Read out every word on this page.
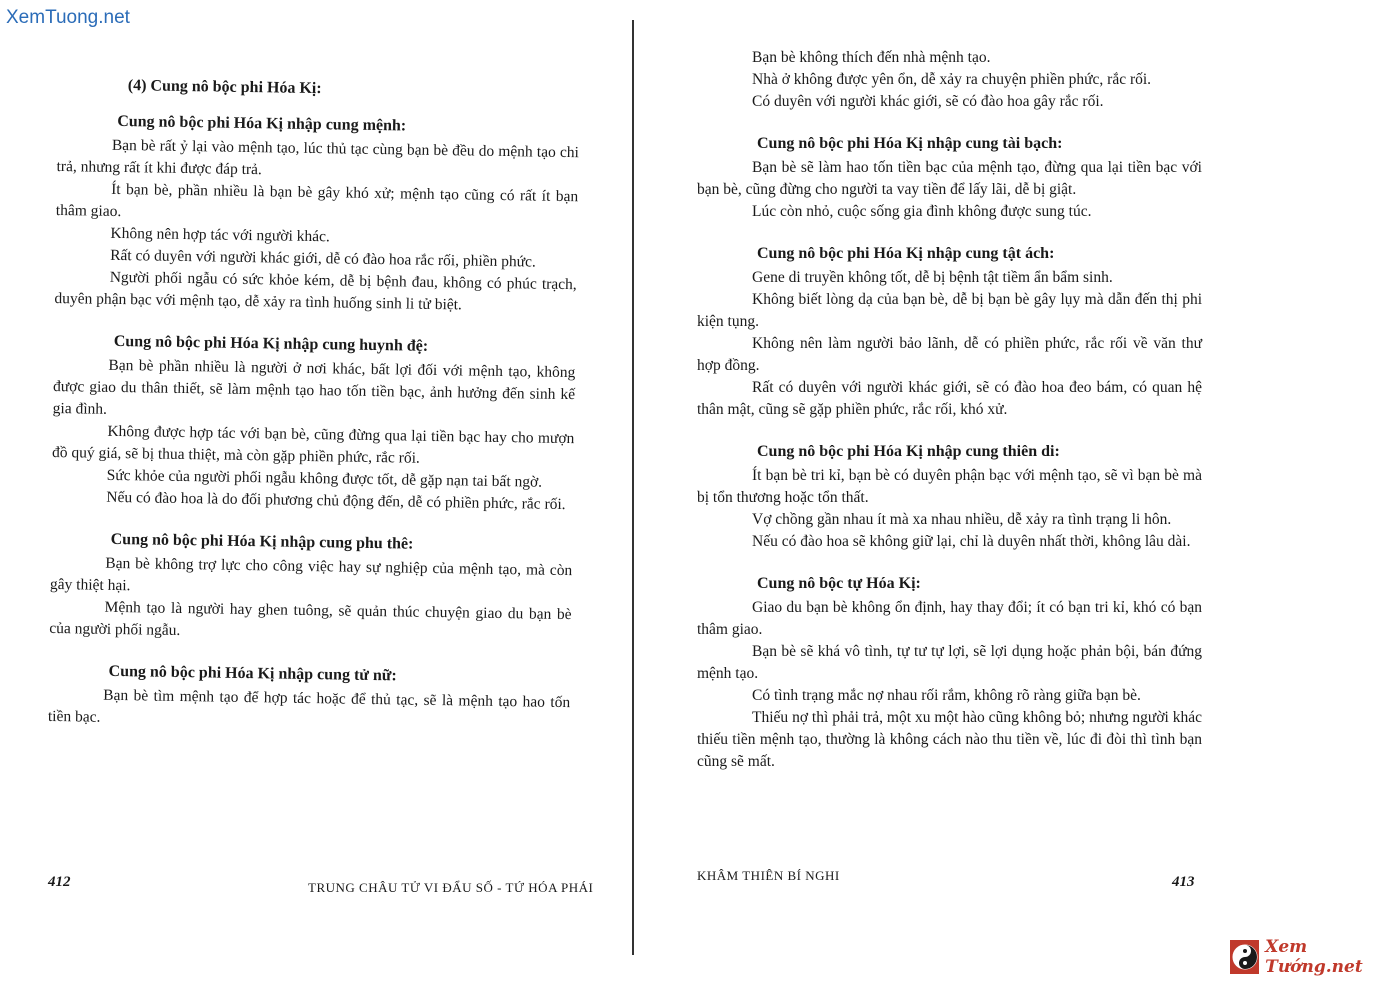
XemTuong.net
(4) Cung nô bộc phi Hóa Kị:
Cung nô bộc phi Hóa Kị nhập cung mệnh:

Bạn bè rất ỷ lại vào mệnh tạo, lúc thủ tạc cùng bạn bè đều do mệnh tạo chi trả, nhưng rất ít khi được đáp trả.

Ít bạn bè, phần nhiều là bạn bè gây khó xử; mệnh tạo cũng có rất ít bạn thâm giao.

Không nên hợp tác với người khác.

Rất có duyên với người khác giới, dễ có đào hoa rắc rối, phiền phức.

Người phối ngẫu có sức khỏe kém, dễ bị bệnh đau, không có phúc trạch, duyên phận bạc với mệnh tạo, dễ xảy ra tình huống sinh li tử biệt.

Cung nô bộc phi Hóa Kị nhập cung huynh đệ:

Bạn bè phần nhiều là người ở nơi khác, bất lợi đối với mệnh tạo, không được giao du thân thiết, sẽ làm mệnh tạo hao tốn tiền bạc, ảnh hưởng đến sinh kế gia đình.

Không được hợp tác với bạn bè, cũng đừng qua lại tiền bạc hay cho mượn đồ quý giá, sẽ bị thua thiệt, mà còn gặp phiền phức, rắc rối.

Sức khỏe của người phối ngẫu không được tốt, dễ gặp nạn tai bất ngờ.

Nếu có đào hoa là do đối phương chủ động đến, dễ có phiền phức, rắc rối.

Cung nô bộc phi Hóa Kị nhập cung phu thê:

Bạn bè không trợ lực cho công việc hay sự nghiệp của mệnh tạo, mà còn gây thiệt hại.

Mệnh tạo là người hay ghen tuông, sẽ quản thúc chuyện giao du bạn bè của người phối ngẫu.

Cung nô bộc phi Hóa Kị nhập cung tử nữ:

Bạn bè tìm mệnh tạo để hợp tác hoặc để thủ tạc, sẽ là mệnh tạo hao tốn tiền bạc.

412	TRUNG CHÂU TỬ VI ĐẨU SỐ - TỨ HÓA PHÁI

Bạn bè không thích đến nhà mệnh tạo.

Nhà ở không được yên ổn, dễ xảy ra chuyện phiền phức, rắc rối.

Có duyên với người khác giới, sẽ có đào hoa gây rắc rối.

Cung nô bộc phi Hóa Kị nhập cung tài bạch:

Bạn bè sẽ làm hao tốn tiền bạc của mệnh tạo, đừng qua lại tiền bạc với bạn bè, cũng đừng cho người ta vay tiền để lấy lãi, dễ bị giật.

Lúc còn nhỏ, cuộc sống gia đình không được sung túc.

Cung nô bộc phi Hóa Kị nhập cung tật ách:

Gene di truyền không tốt, dễ bị bệnh tật tiềm ẩn bẩm sinh.

Không biết lòng dạ của bạn bè, dễ bị bạn bè gây lụy mà dẫn đến thị phi kiện tụng.

Không nên làm người bảo lãnh, dễ có phiền phức, rắc rối về văn thư hợp đồng.

Rất có duyên với người khác giới, sẽ có đào hoa đeo bám, có quan hệ thân mật, cũng sẽ gặp phiền phức, rắc rối, khó xử.

Cung nô bộc phi Hóa Kị nhập cung thiên di:

Ít bạn bè tri kỉ, bạn bè có duyên phận bạc với mệnh tạo, sẽ vì bạn bè mà bị tổn thương hoặc tổn thất.

Vợ chồng gần nhau ít mà xa nhau nhiều, dễ xảy ra tình trạng li hôn.

Nếu có đào hoa sẽ không giữ lại, chỉ là duyên nhất thời, không lâu dài.

Cung nô bộc tự Hóa Kị:

Giao du bạn bè không ổn định, hay thay đổi; ít có bạn tri kỉ, khó có bạn thâm giao.

Bạn bè sẽ khá vô tình, tự tư tự lợi, sẽ lợi dụng hoặc phản bội, bán đứng mệnh tạo.

Có tình trạng mắc nợ nhau rối rắm, không rõ ràng giữa bạn bè.

Thiếu nợ thì phải trả, một xu một hào cũng không bỏ; nhưng người khác thiếu tiền mệnh tạo, thường là không cách nào thu tiền về, lúc đi đòi thì tình bạn cũng sẽ mất.

KHÂM THIÊN BÍ NGHI	413
Xem Tướng.net
